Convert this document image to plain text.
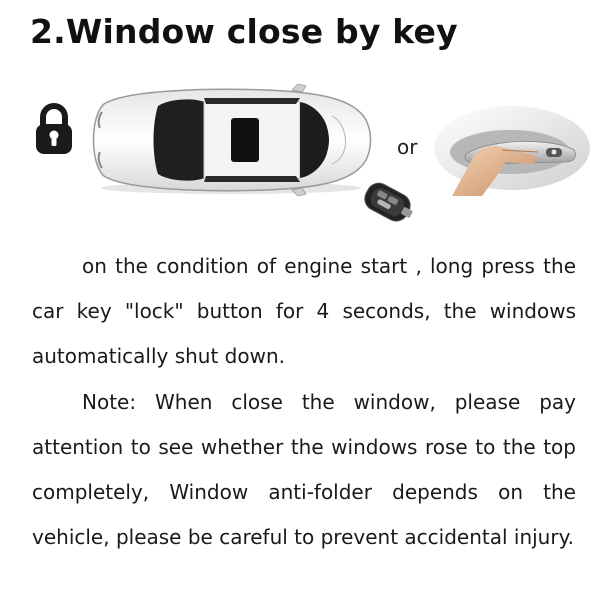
2.Window close by key
or

on the condition of engine start , long press the car key "lock" button for 4 seconds, the windows automatically shut down.

Note: When close the window, please pay attention to see whether the windows rose to the top completely, Window anti-folder depends on the vehicle, please be careful to prevent accidental injury.
